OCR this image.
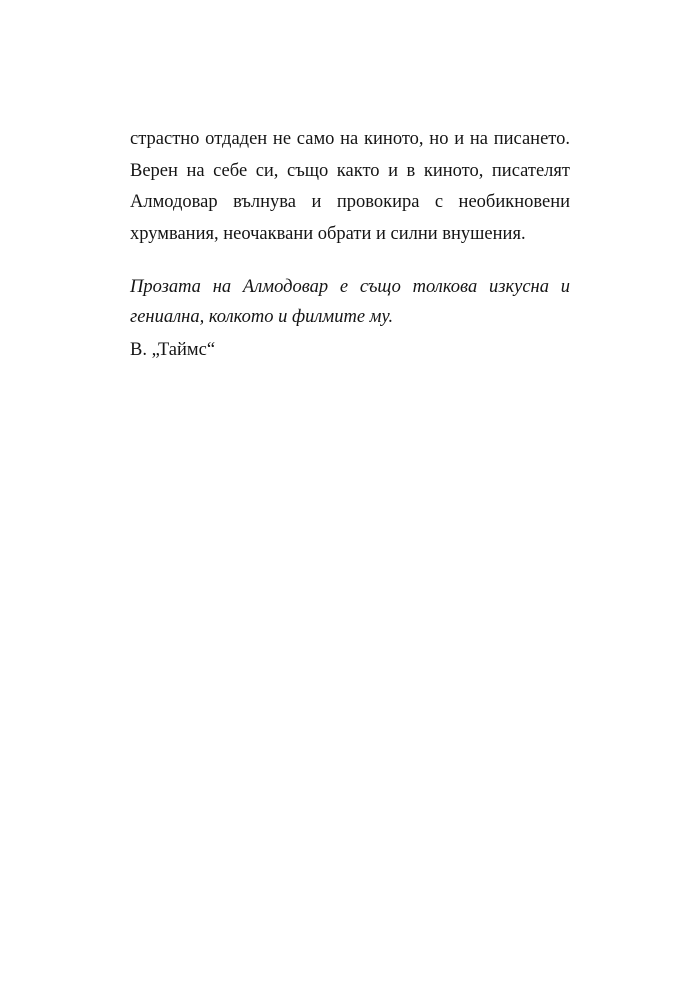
страстно отдаден не само на киното, но и на писането.
Верен на себе си, също както и в киното, писателят
Алмодовар вълнува и провокира с необикновени
хрумвания, неочаквани обрати и силни внушения.
Прозата на Алмодовар е също толкова изкусна и
гениална, колкото и филмите му.
В. „Таймс“
